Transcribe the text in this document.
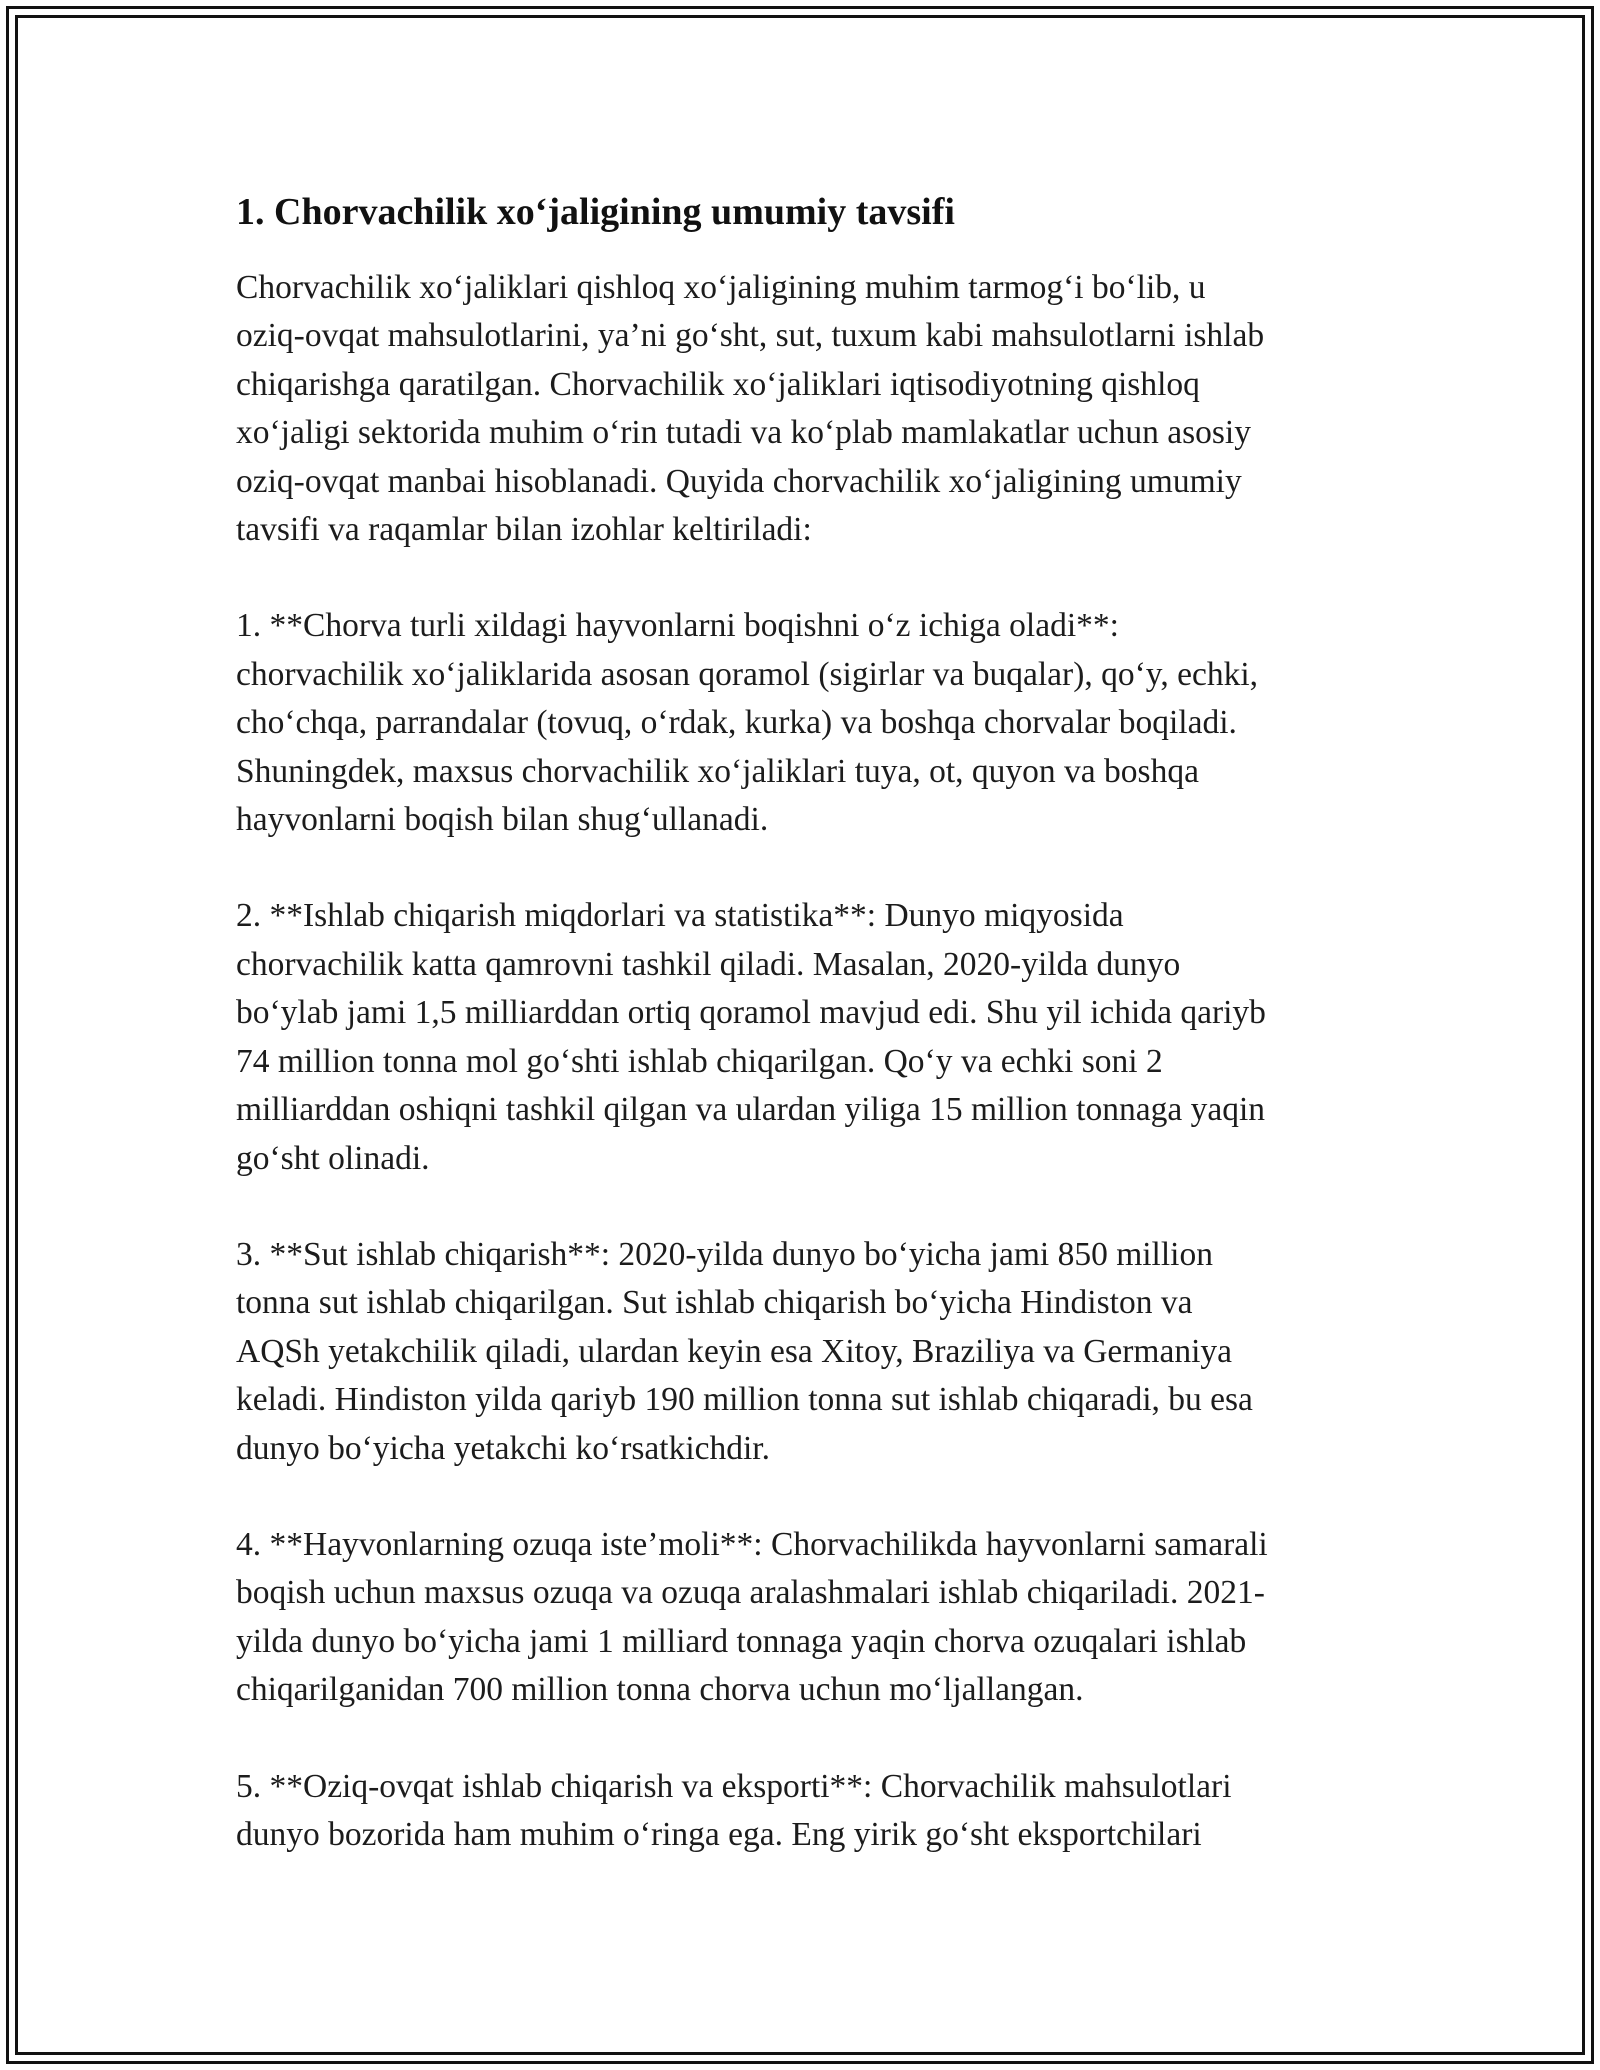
1. Chorvachilik xo‘jaligining umumiy tavsifi

Chorvachilik xo‘jaliklari qishloq xo‘jaligining muhim tarmog‘i bo‘lib, u
oziq-ovqat mahsulotlarini, ya’ni go‘sht, sut, tuxum kabi mahsulotlarni ishlab
chiqarishga qaratilgan. Chorvachilik xo‘jaliklari iqtisodiyotning qishloq
xo‘jaligi sektorida muhim o‘rin tutadi va ko‘plab mamlakatlar uchun asosiy
oziq-ovqat manbai hisoblanadi. Quyida chorvachilik xo‘jaligining umumiy
tavsifi va raqamlar bilan izohlar keltiriladi:

1. **Chorva turli xildagi hayvonlarni boqishni o‘z ichiga oladi**:
chorvachilik xo‘jaliklarida asosan qoramol (sigirlar va buqalar), qo‘y, echki,
cho‘chqa, parrandalar (tovuq, o‘rdak, kurka) va boshqa chorvalar boqiladi.
Shuningdek, maxsus chorvachilik xo‘jaliklari tuya, ot, quyon va boshqa
hayvonlarni boqish bilan shug‘ullanadi.

2. **Ishlab chiqarish miqdorlari va statistika**: Dunyo miqyosida
chorvachilik katta qamrovni tashkil qiladi. Masalan, 2020-yilda dunyo
bo‘ylab jami 1,5 milliarddan ortiq qoramol mavjud edi. Shu yil ichida qariyb
74 million tonna mol go‘shti ishlab chiqarilgan. Qo‘y va echki soni 2
milliarddan oshiqni tashkil qilgan va ulardan yiliga 15 million tonnaga yaqin
go‘sht olinadi.

3. **Sut ishlab chiqarish**: 2020-yilda dunyo bo‘yicha jami 850 million
tonna sut ishlab chiqarilgan. Sut ishlab chiqarish bo‘yicha Hindiston va
AQSh yetakchilik qiladi, ulardan keyin esa Xitoy, Braziliya va Germaniya
keladi. Hindiston yilda qariyb 190 million tonna sut ishlab chiqaradi, bu esa
dunyo bo‘yicha yetakchi ko‘rsatkichdir.

4. **Hayvonlarning ozuqa iste’moli**: Chorvachilikda hayvonlarni samarali
boqish uchun maxsus ozuqa va ozuqa aralashmalari ishlab chiqariladi. 2021-
yilda dunyo bo‘yicha jami 1 milliard tonnaga yaqin chorva ozuqalari ishlab
chiqarilganidan 700 million tonna chorva uchun mo‘ljallangan.

5. **Oziq-ovqat ishlab chiqarish va eksporti**: Chorvachilik mahsulotlari
dunyo bozorida ham muhim o‘ringa ega. Eng yirik go‘sht eksportchilari
